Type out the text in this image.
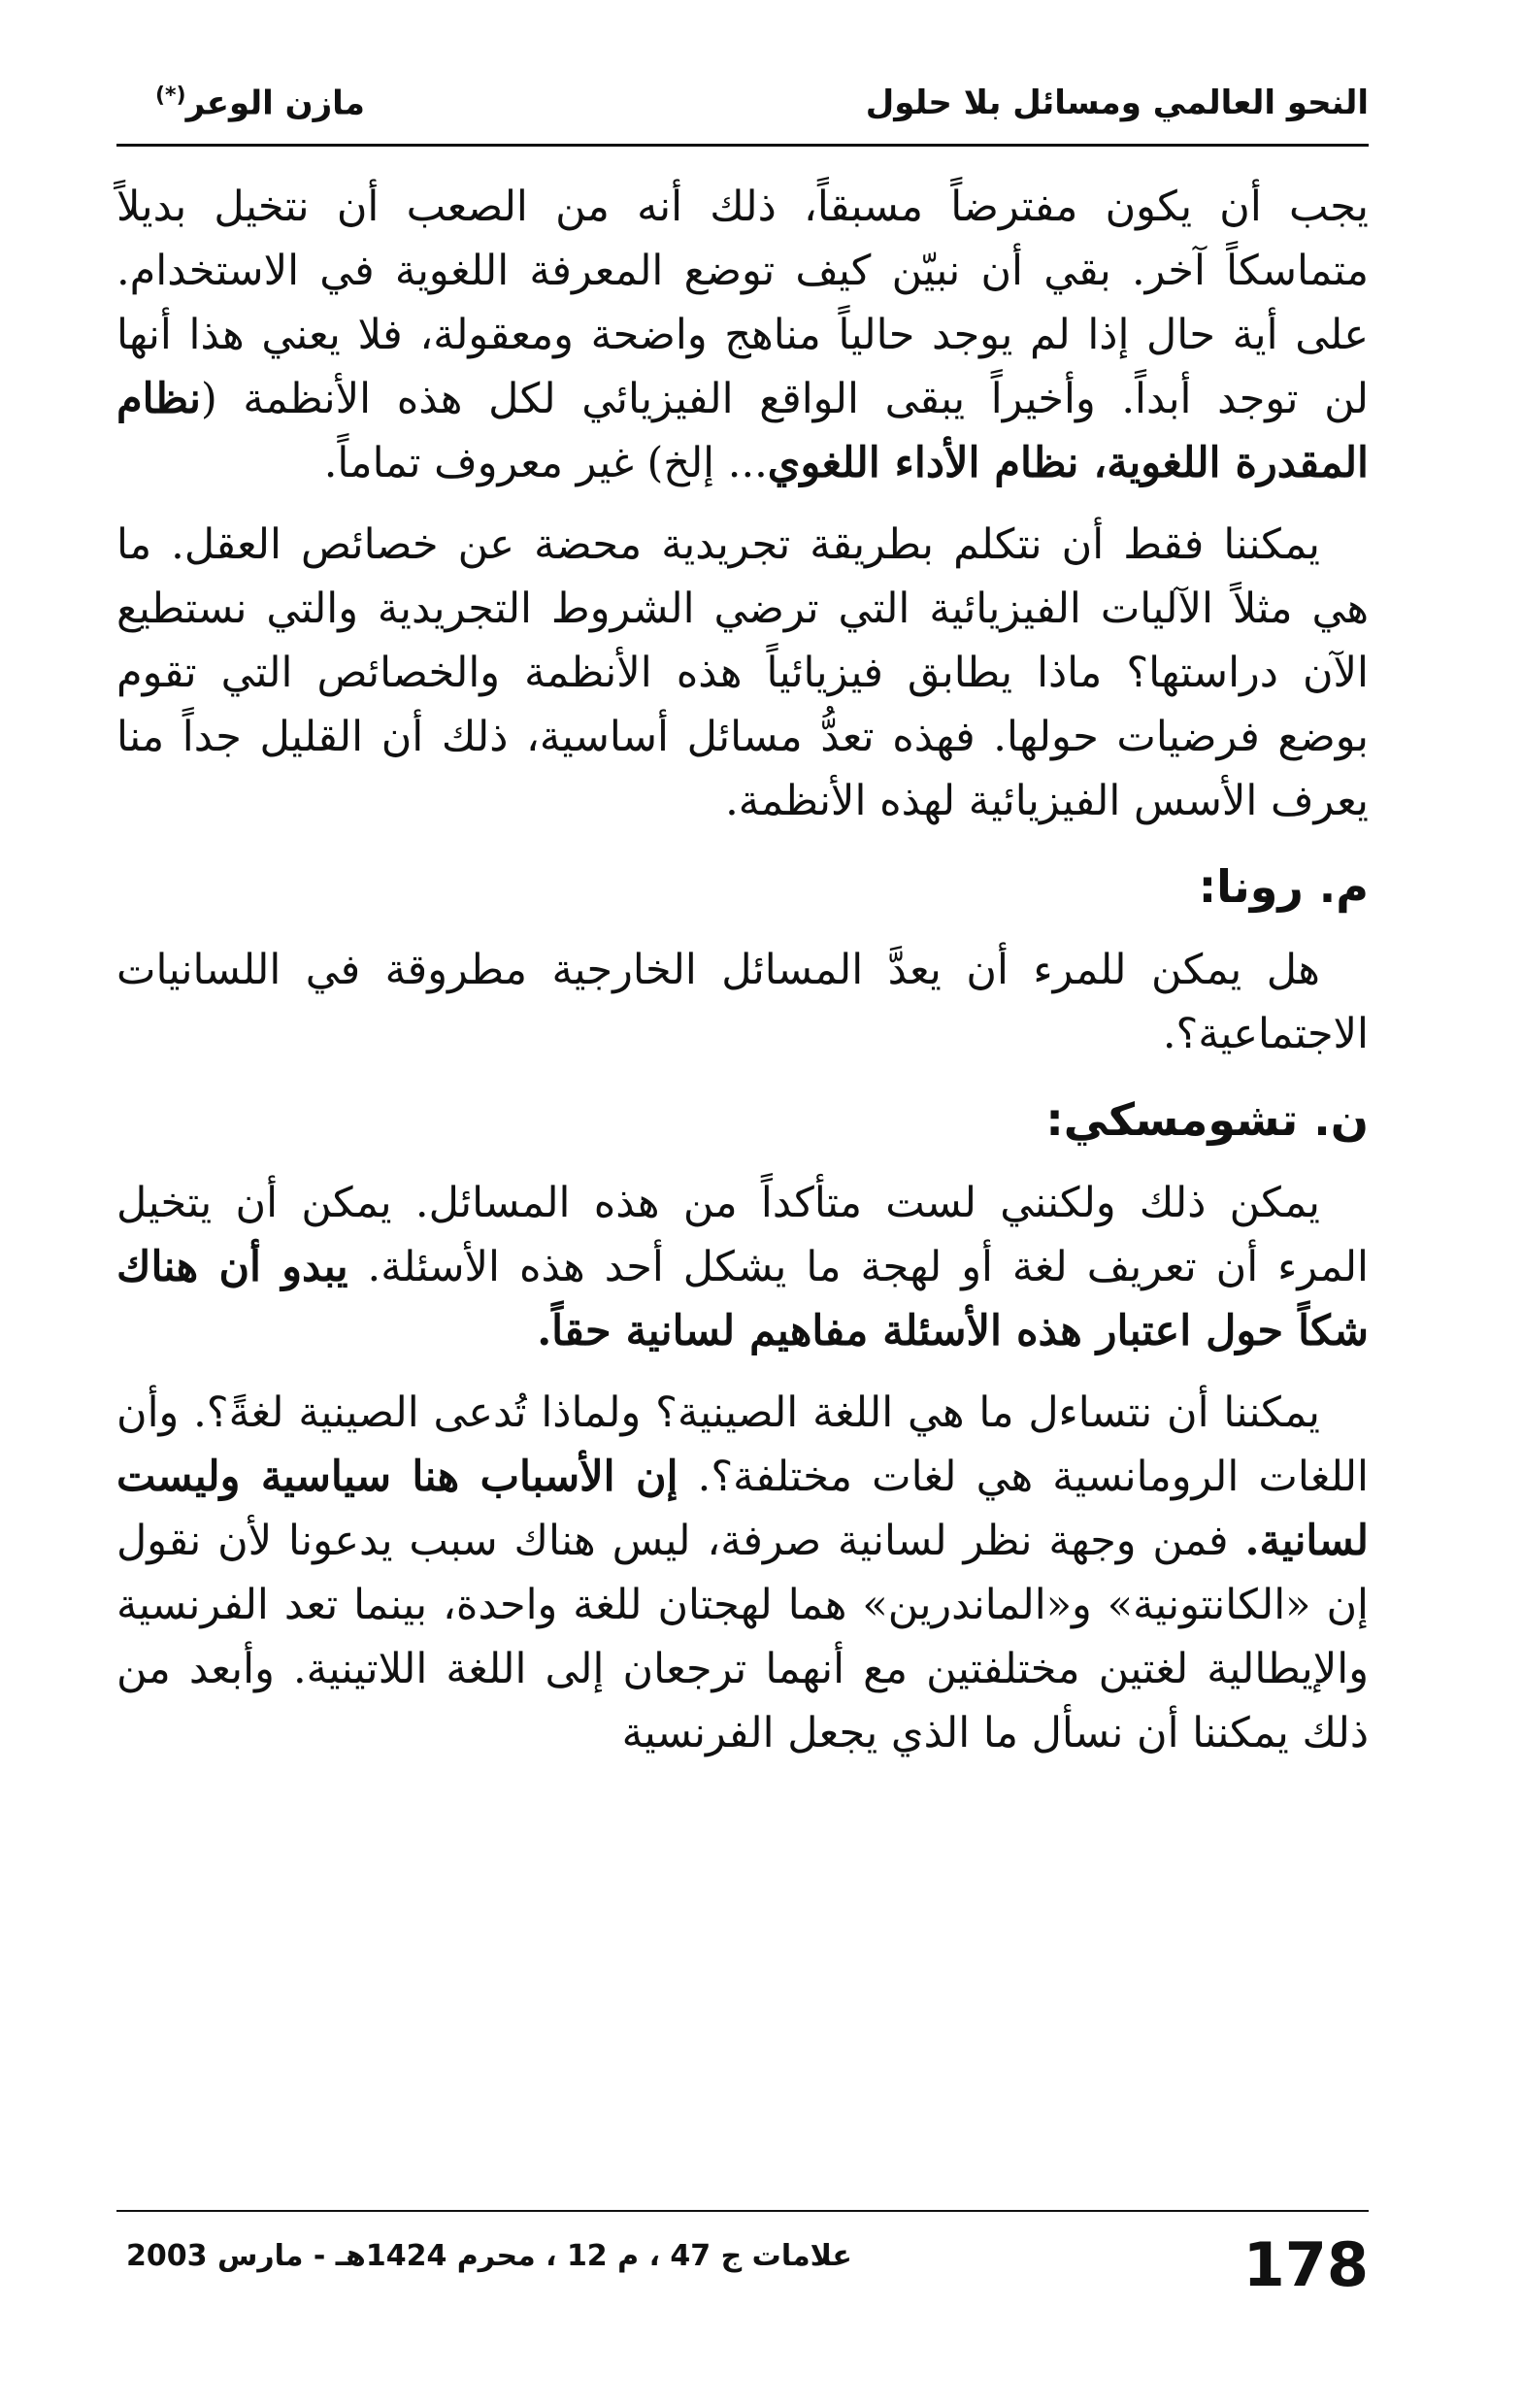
النحو العالمي ومسائل بلا حلول
مازن الوعر(*)

يجب أن يكون مفترضاً مسبقاً، ذلك أنه من الصعب أن نتخيل بديلاً متماسكاً آخر. بقي أن نبيّن كيف توضع المعرفة اللغوية في الاستخدام. على أية حال إذا لم يوجد حالياً مناهج واضحة ومعقولة، فلا يعني هذا أنها لن توجد أبداً. وأخيراً يبقى الواقع الفيزيائي لكل هذه الأنظمة (نظام المقدرة اللغوية، نظام الأداء اللغوي... إلخ) غير معروف تماماً.

يمكننا فقط أن نتكلم بطريقة تجريدية محضة عن خصائص العقل. ما هي مثلاً الآليات الفيزيائية التي ترضي الشروط التجريدية والتي نستطيع الآن دراستها؟ ماذا يطابق فيزيائياً هذه الأنظمة والخصائص التي تقوم بوضع فرضيات حولها. فهذه تعدُّ مسائل أساسية، ذلك أن القليل جداً منا يعرف الأسس الفيزيائية لهذه الأنظمة.

م. رونا:

هل يمكن للمرء أن يعدَّ المسائل الخارجية مطروقة في اللسانيات الاجتماعية؟.

ن. تشومسكي:

يمكن ذلك ولكنني لست متأكداً من هذه المسائل. يمكن أن يتخيل المرء أن تعريف لغة أو لهجة ما يشكل أحد هذه الأسئلة. يبدو أن هناك شكاً حول اعتبار هذه الأسئلة مفاهيم لسانية حقاً.

يمكننا أن نتساءل ما هي اللغة الصينية؟ ولماذا تُدعى الصينية لغةً؟. وأن اللغات الرومانسية هي لغات مختلفة؟. إن الأسباب هنا سياسية وليست لسانية. فمن وجهة نظر لسانية صرفة، ليس هناك سبب يدعونا لأن نقول إن «الكانتونية» و«الماندرين» هما لهجتان للغة واحدة، بينما تعد الفرنسية والإيطالية لغتين مختلفتين مع أنهما ترجعان إلى اللغة اللاتينية. وأبعد من ذلك يمكننا أن نسأل ما الذي يجعل الفرنسية

178
علامات ج 47 ، م 12 ، محرم 1424هـ - مارس 2003
